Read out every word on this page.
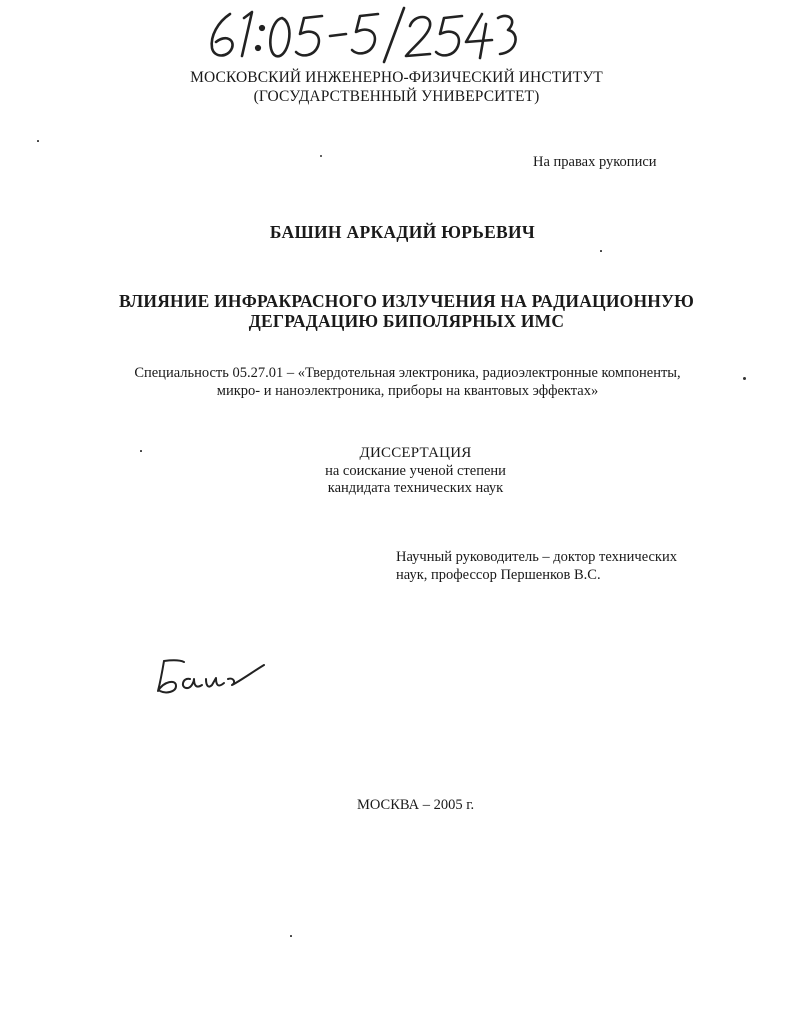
МОСКОВСКИЙ ИНЖЕНЕРНО-ФИЗИЧЕСКИЙ ИНСТИТУТ
(ГОСУДАРСТВЕННЫЙ УНИВЕРСИТЕТ)
На правах рукописи
БАШИН АРКАДИЙ ЮРЬЕВИЧ
ВЛИЯНИЕ ИНФРАКРАСНОГО ИЗЛУЧЕНИЯ НА РАДИАЦИОННУЮ
ДЕГРАДАЦИЮ БИПОЛЯРНЫХ ИМС
Специальность 05.27.01 – «Твердотельная электроника, радиоэлектронные компоненты,
микро- и наноэлектроника, приборы на квантовых эффектах»
ДИССЕРТАЦИЯ
на соискание ученой степени
кандидата технических наук
Научный руководитель – доктор технических
наук, профессор Першенков В.С.
МОСКВА – 2005 г.
